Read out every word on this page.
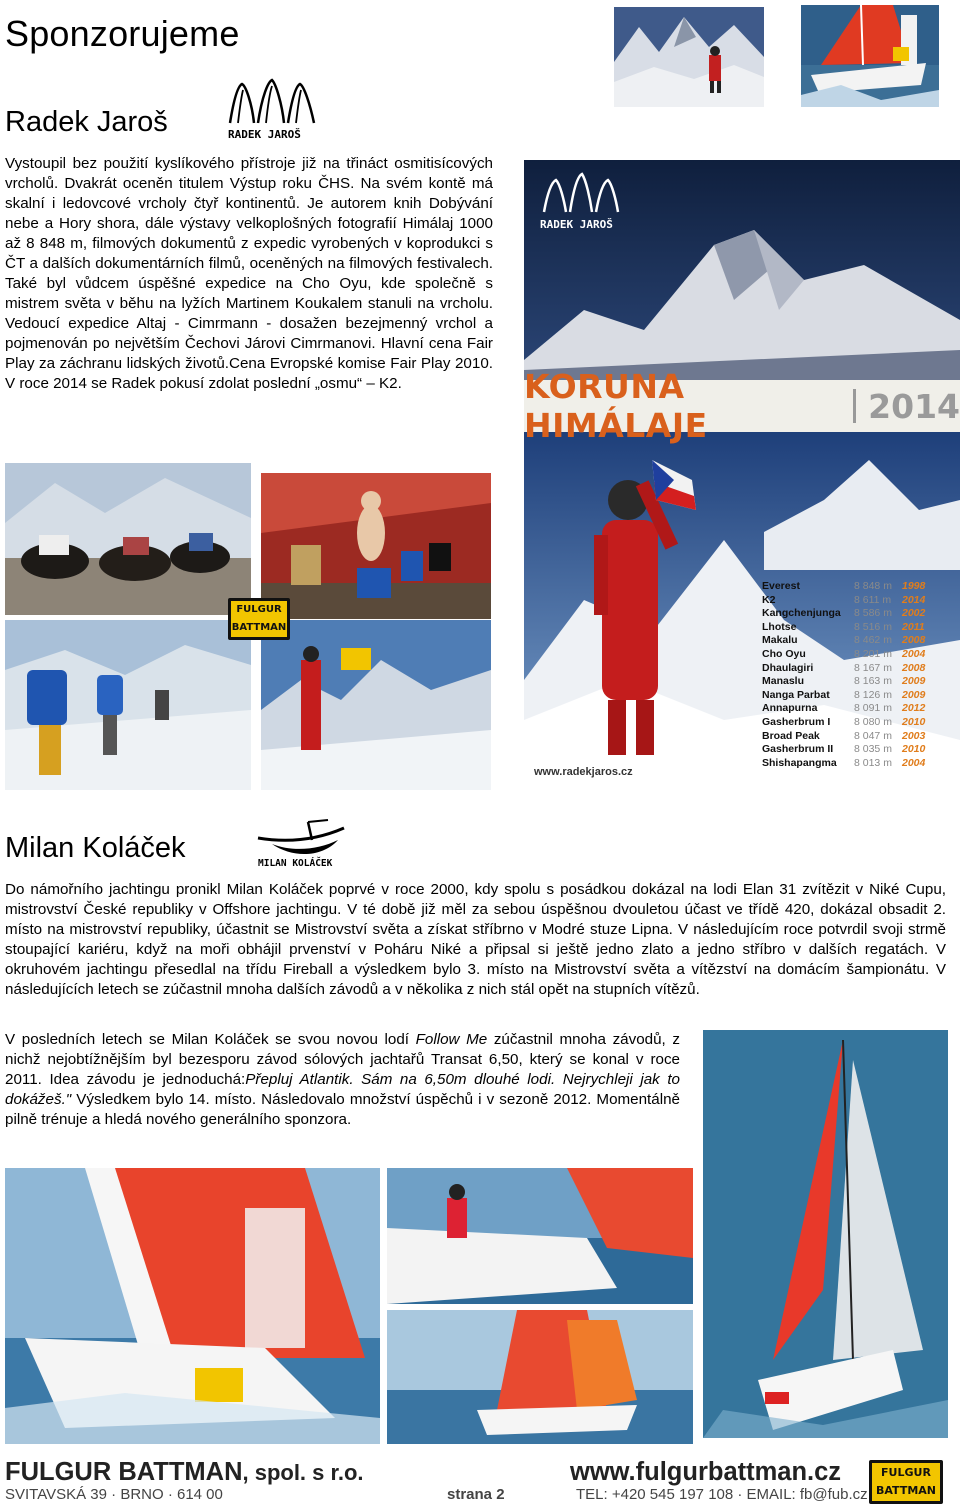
Sponzorujeme
Radek Jaroš	RADEK JAROŠ

Vystoupil bez použití kyslíkového přístroje již na třináct osmitisícových vrcholů. Dvakrát oceněn titulem Výstup roku ČHS. Na svém kontě má skalní i ledovcové vrcholy čtyř kontinentů. Je autorem knih Dobývání nebe a Hory shora, dále výstavy velkoplošných fotografií Himálaj 1000 až 8 848 m, filmových dokumentů z expedic vyrobených v koprodukci s ČT a dalších dokumentárních filmů, oceněných na filmových festivalech. Také byl vůdcem úspěšné expedice na Cho Oyu, kde společně s mistrem světa v běhu na lyžích Martinem Koukalem stanuli na vrcholu. Vedoucí expedice Altaj - Cimrmann - dosažen bezejmenný vrchol a pojmenován po největším Čechovi Járovi Cimrmanovi. Hlavní cena Fair Play za záchranu lidských životů.Cena Evropské komise Fair Play 2010. V roce 2014 se Radek pokusí zdolat poslední „osmu“ – K2.

RADEK JAROŠ
KORUNA HIMÁLAJE	2014
Everest	8 848 m 1998
K2	8 611 m	2014
Kangchenjunga	8 586 m 2002
Lhotse	8 516 m 2011
Makalu	8 462 m 2008
Cho Oyu	8 201 m 2004
Dhaulagiri	8 167 m 2008
Manaslu	8 163 m 2009
Nanga Parbat	8 126 m 2009
Annapurna	8 091 m 2012
Gasherbrum I	8 080 m 2010
Broad Peak	8 047 m 2003
Gasherbrum II	8 035 m 2010
Shishapangma	8 013 m 2004
www.radekjaros.cz
FULGUR
BATTMAN
Milan Koláček	MILAN KOLÁČEK

Do námořního jachtingu pronikl Milan Koláček poprvé v roce 2000, kdy spolu s posádkou dokázal na lodi Elan 31 zvítězit v Niké Cupu, mistrovství České republiky v Offshore jachtingu. V té době již měl za sebou úspěšnou dvouletou účast ve třídě 420, dokázal obsadit 2. místo na mistrovství republiky, účastnit se Mistrovství světa a získat stříbrno v Modré stuze Lipna. V následujícím roce potvrdil svoji strmě stoupající kariéru, když na moři obhájil prvenství v Poháru Niké a připsal si ještě jedno zlato a jedno stříbro v dalších regatách. V okruhovém jachtingu přesedlal na třídu Fireball a výsledkem bylo 3. místo na Mistrovství světa a vítězství na domácím šampionátu. V následujících letech se zúčastnil mnoha dalších závodů a v několika z nich stál opět na stupních vítězů.

V posledních letech se Milan Koláček se svou novou lodí Follow Me zúčastnil mnoha závodů, z nichž nejobtížnějším byl bezesporu závod sólových jachtařů Transat 6,50, který se konal v roce 2011. Idea závodu je jednoduchá:Přepluj Atlantik. Sám na 6,50m dlouhé lodi. Nejrychleji jak to dokážeš." Výsledkem bylo 14. místo. Následovalo množství úspěchů i v sezoně 2012. Momentálně pilně trénuje a hledá nového generálního sponzora.

FULGUR BATTMAN, spol. s r.o.
SVITAVSKÁ 39 · BRNO · 614 00	strana 2
www.fulgurbattman.cz
TEL: +420 545 197 108 · EMAIL: fb@fub.cz
FULGUR
BATTMAN
